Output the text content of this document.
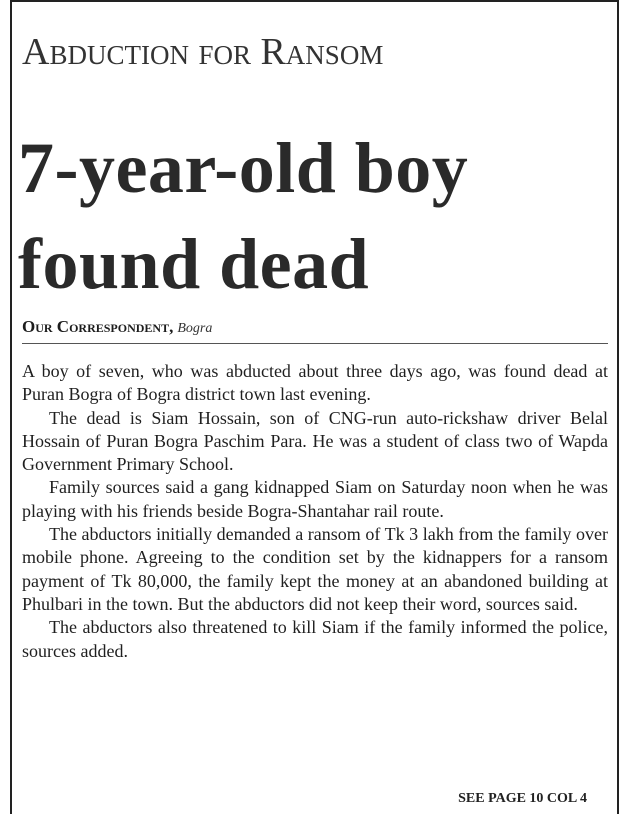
Abduction for Ransom
7-year-old boy
found dead
Our Correspondent, Bogra

A boy of seven, who was abducted about three days ago, was found dead at Puran Bogra of Bogra district town last evening.

The dead is Siam Hossain, son of CNG-run auto-rickshaw driver Belal Hossain of Puran Bogra Paschim Para. He was a student of class two of Wapda Government Primary School.

Family sources said a gang kidnapped Siam on Saturday noon when he was playing with his friends beside Bogra-Shantahar rail route.

The abductors initially demanded a ransom of Tk 3 lakh from the family over mobile phone. Agreeing to the condition set by the kidnappers for a ransom payment of Tk 80,000, the family kept the money at an abandoned building at Phulbari in the town. But the abductors did not keep their word, sources said.

The abductors also threatened to kill Siam if the family informed the police, sources added.

SEE PAGE 10 COL 4
